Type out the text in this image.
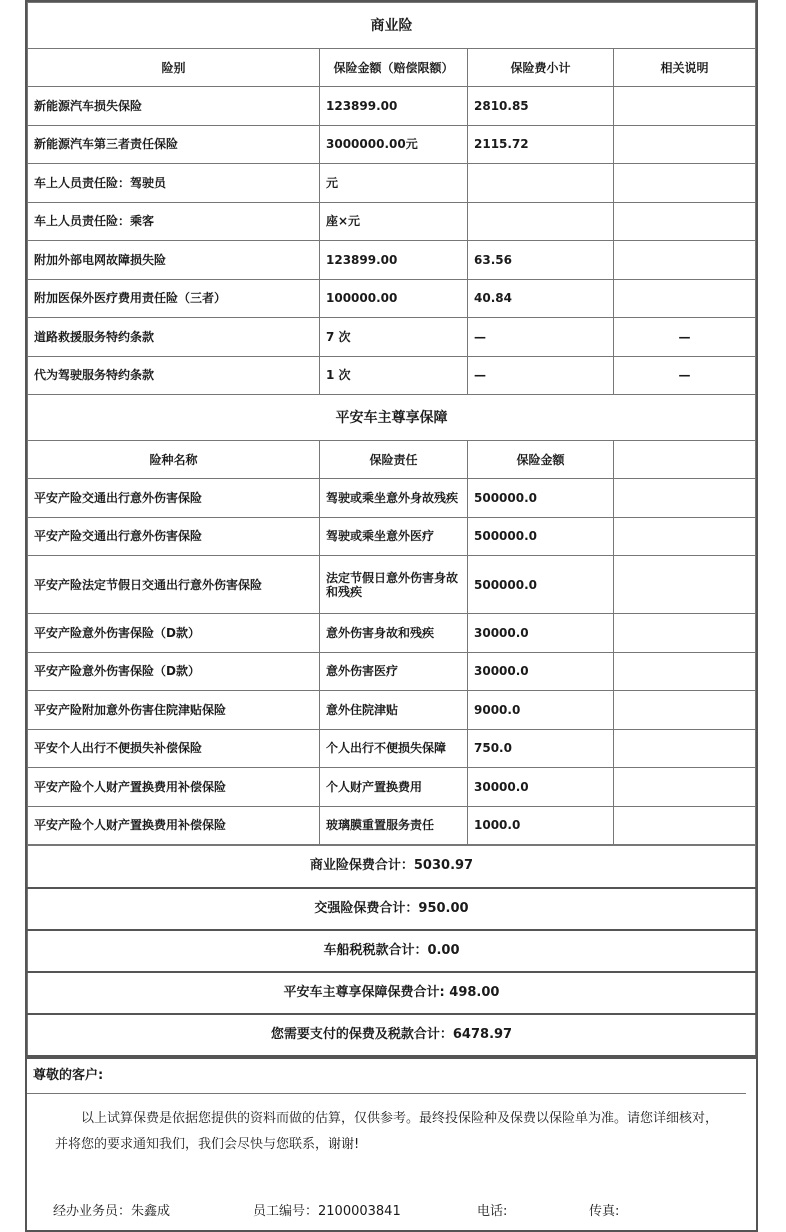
商业险			
险别	保险金额（赔偿限额）	保险费小计	相关说明
新能源汽车损失保险	123899.00	2810.85	
新能源汽车第三者责任保险	3000000.00元	2115.72	
车上人员责任险：驾驶员	元		
车上人员责任险：乘客	座×元		
附加外部电网故障损失险	123899.00	63.56	
附加医保外医疗费用责任险（三者）	100000.00	40.84	
道路救援服务特约条款	7 次	—	—
代为驾驶服务特约条款	1 次	—	—
平安车主尊享保障			
险种名称	保险责任	保险金额	
平安产险交通出行意外伤害保险	驾驶或乘坐意外身故残疾	500000.0	
平安产险交通出行意外伤害保险	驾驶或乘坐意外医疗	500000.0	
平安产险法定节假日交通出行意外伤害保险	法定节假日意外伤害身故和残疾	500000.0	
平安产险意外伤害保险（D款）	意外伤害身故和残疾	30000.0	
平安产险意外伤害保险（D款）	意外伤害医疗	30000.0	
平安产险附加意外伤害住院津贴保险	意外住院津贴	9000.0	
平安个人出行不便损失补偿保险	个人出行不便损失保障	750.0	
平安产险个人财产置换费用补偿保险	个人财产置换费用	30000.0	
平安产险个人财产置换费用补偿保险	玻璃膜重置服务责任	1000.0	
商业险保费合计：5030.97
交强险保费合计：950.00
车船税税款合计：0.00
平安车主尊享保障保费合计: 498.00
您需要支付的保费及税款合计：6478.97
尊敬的客户:
以上试算保费是依据您提供的资料而做的估算，仅供参考。最终投保险种及保费以保险单为准。请您详细核对，并将您的要求通知我们，我们会尽快与您联系，谢谢!
经办业务员：朱鑫成	员工编号：2100003841	电话:	传真:
